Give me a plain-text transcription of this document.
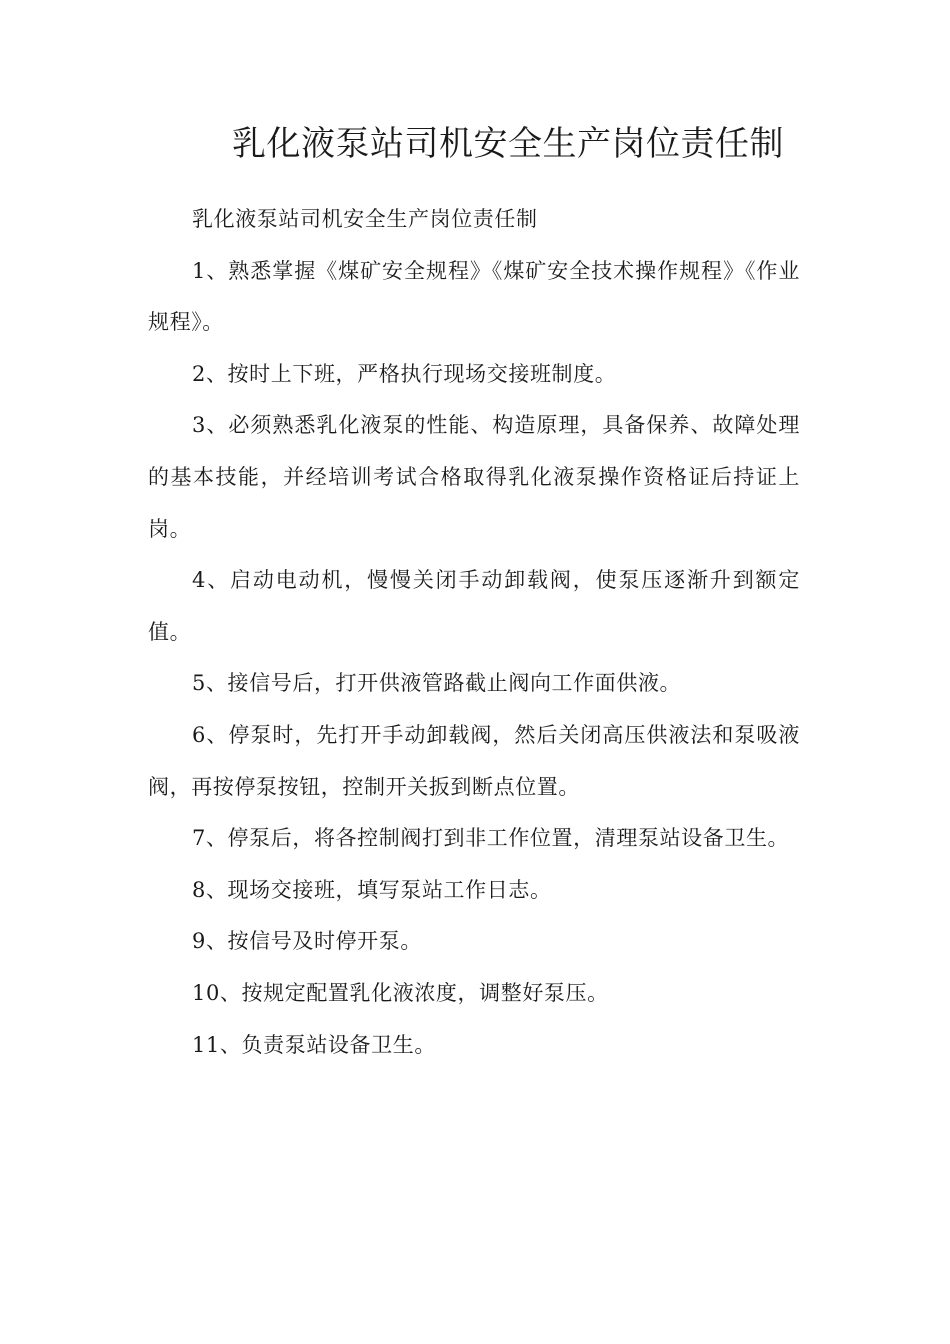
乳化液泵站司机安全生产岗位责任制

乳化液泵站司机安全生产岗位责任制

1、熟悉掌握《煤矿安全规程》《煤矿安全技术操作规程》《作业规程》。

2、按时上下班，严格执行现场交接班制度。

3、必须熟悉乳化液泵的性能、构造原理，具备保养、故障处理的基本技能，并经培训考试合格取得乳化液泵操作资格证后持证上岗。

4、启动电动机，慢慢关闭手动卸载阀，使泵压逐渐升到额定值。

5、接信号后，打开供液管路截止阀向工作面供液。

6、停泵时，先打开手动卸载阀，然后关闭高压供液法和泵吸液阀，再按停泵按钮，控制开关扳到断点位置。

7、停泵后，将各控制阀打到非工作位置，清理泵站设备卫生。

8、现场交接班，填写泵站工作日志。

9、按信号及时停开泵。

10、按规定配置乳化液浓度，调整好泵压。

11、负责泵站设备卫生。
